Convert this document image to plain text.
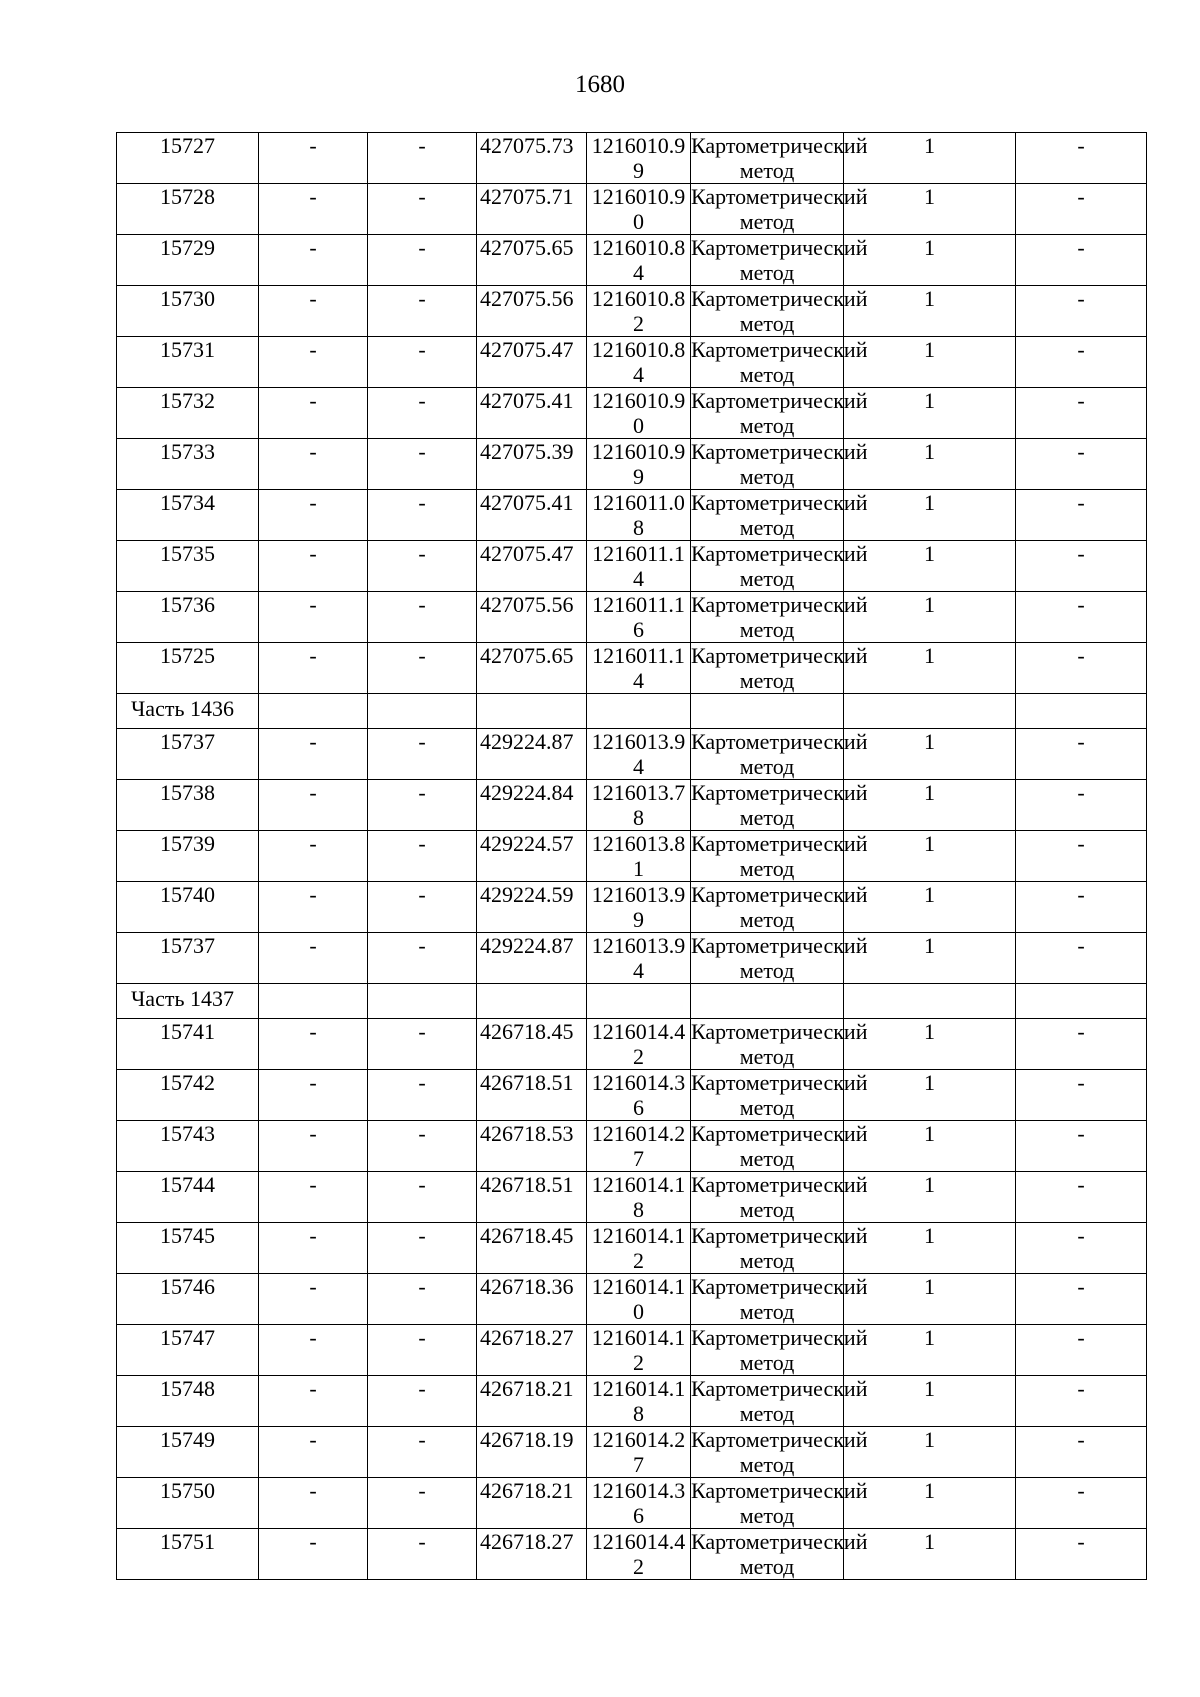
1680
15727	-	-	427075.73	1216010.99	Картометрический метод	1	-
15728	-	-	427075.71	1216010.90	Картометрический метод	1	-
15729	-	-	427075.65	1216010.84	Картометрический метод	1	-
15730	-	-	427075.56	1216010.82	Картометрический метод	1	-
15731	-	-	427075.47	1216010.84	Картометрический метод	1	-
15732	-	-	427075.41	1216010.90	Картометрический метод	1	-
15733	-	-	427075.39	1216010.99	Картометрический метод	1	-
15734	-	-	427075.41	1216011.08	Картометрический метод	1	-
15735	-	-	427075.47	1216011.14	Картометрический метод	1	-
15736	-	-	427075.56	1216011.16	Картометрический метод	1	-
15725	-	-	427075.65	1216011.14	Картометрический метод	1	-
Часть 1436							
15737	-	-	429224.87	1216013.94	Картометрический метод	1	-
15738	-	-	429224.84	1216013.78	Картометрический метод	1	-
15739	-	-	429224.57	1216013.81	Картометрический метод	1	-
15740	-	-	429224.59	1216013.99	Картометрический метод	1	-
15737	-	-	429224.87	1216013.94	Картометрический метод	1	-
Часть 1437							
15741	-	-	426718.45	1216014.42	Картометрический метод	1	-
15742	-	-	426718.51	1216014.36	Картометрический метод	1	-
15743	-	-	426718.53	1216014.27	Картометрический метод	1	-
15744	-	-	426718.51	1216014.18	Картометрический метод	1	-
15745	-	-	426718.45	1216014.12	Картометрический метод	1	-
15746	-	-	426718.36	1216014.10	Картометрический метод	1	-
15747	-	-	426718.27	1216014.12	Картометрический метод	1	-
15748	-	-	426718.21	1216014.18	Картометрический метод	1	-
15749	-	-	426718.19	1216014.27	Картометрический метод	1	-
15750	-	-	426718.21	1216014.36	Картометрический метод	1	-
15751	-	-	426718.27	1216014.42	Картометрический метод	1	-
